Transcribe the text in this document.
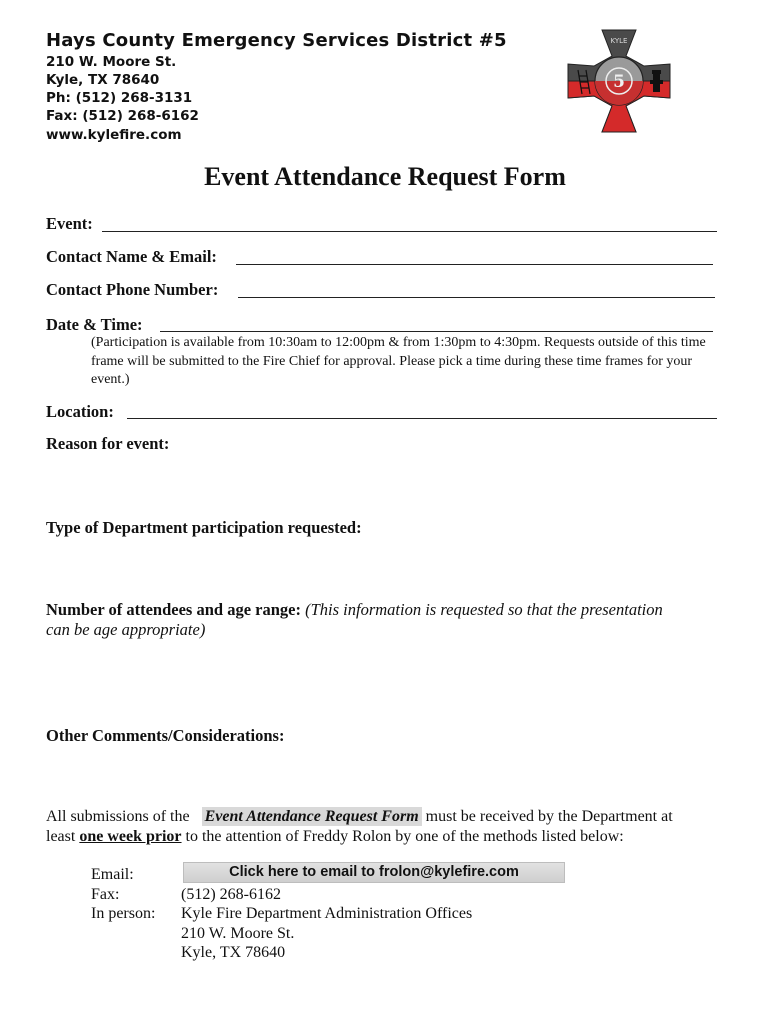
Hays County Emergency Services District #5
210 W. Moore St.
Kyle, TX 78640
Ph: (512) 268-3131
Fax: (512) 268-6162
www.kylefire.com
5
KYLE
Event Attendance Request Form
Event:
Contact Name & Email:
Contact Phone Number:
Date & Time:
(Participation is available from 10:30am to 12:00pm & from 1:30pm to 4:30pm. Requests outside of this time frame will be submitted to the Fire Chief for approval. Please pick a time during these time frames for your event.)
Location:
Reason for event:
Type of Department participation requested:
Number of attendees and age range: (This information is requested so that the presentation
can be age appropriate)
Other Comments/Considerations:
All submissions of the Event Attendance Request Form must be received by the Department at
least one week prior to the attention of Freddy Rolon by one of the methods listed below:
Email:	Click here to email to frolon@kylefire.com
Fax:	(512) 268-6162
In person: Kyle Fire Department Administration Offices
210 W. Moore St.
Kyle, TX 78640
